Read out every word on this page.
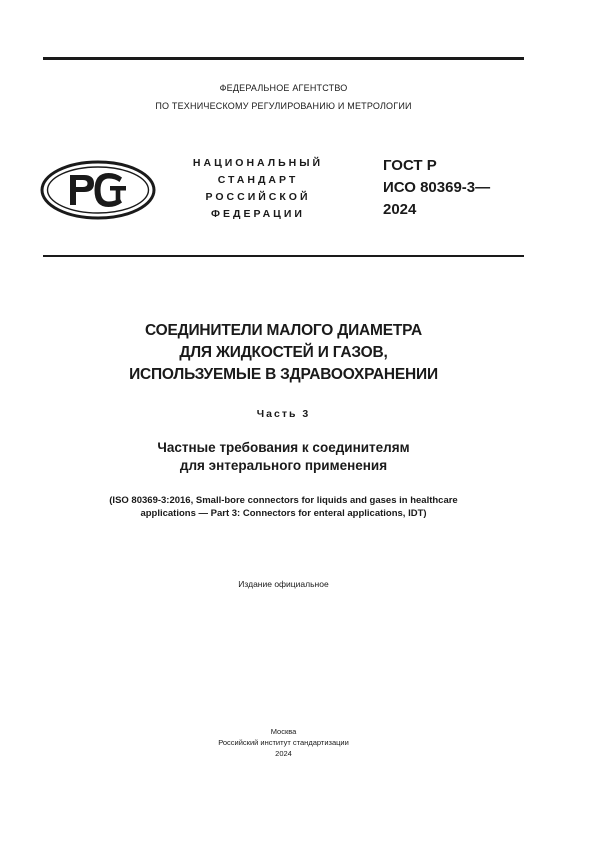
ФЕДЕРАЛЬНОЕ АГЕНТСТВО
ПО ТЕХНИЧЕСКОМУ РЕГУЛИРОВАНИЮ И МЕТРОЛОГИИ
НАЦИОНАЛЬНЫЙ
СТАНДАРТ
РОССИЙСКОЙ
ФЕДЕРАЦИИ
ГОСТ Р
ИСО 80369-3—
2024
СОЕДИНИТЕЛИ МАЛОГО ДИАМЕТРА
ДЛЯ ЖИДКОСТЕЙ И ГАЗОВ,
ИСПОЛЬЗУЕМЫЕ В ЗДРАВООХРАНЕНИИ
Часть 3
Частные требования к соединителям
для энтерального применения
(ISO 80369-3:2016, Small-bore connectors for liquids and gases in healthcare
applications — Part 3: Connectors for enteral applications, IDT)
Издание официальное
Москва
Российский институт стандартизации
2024
